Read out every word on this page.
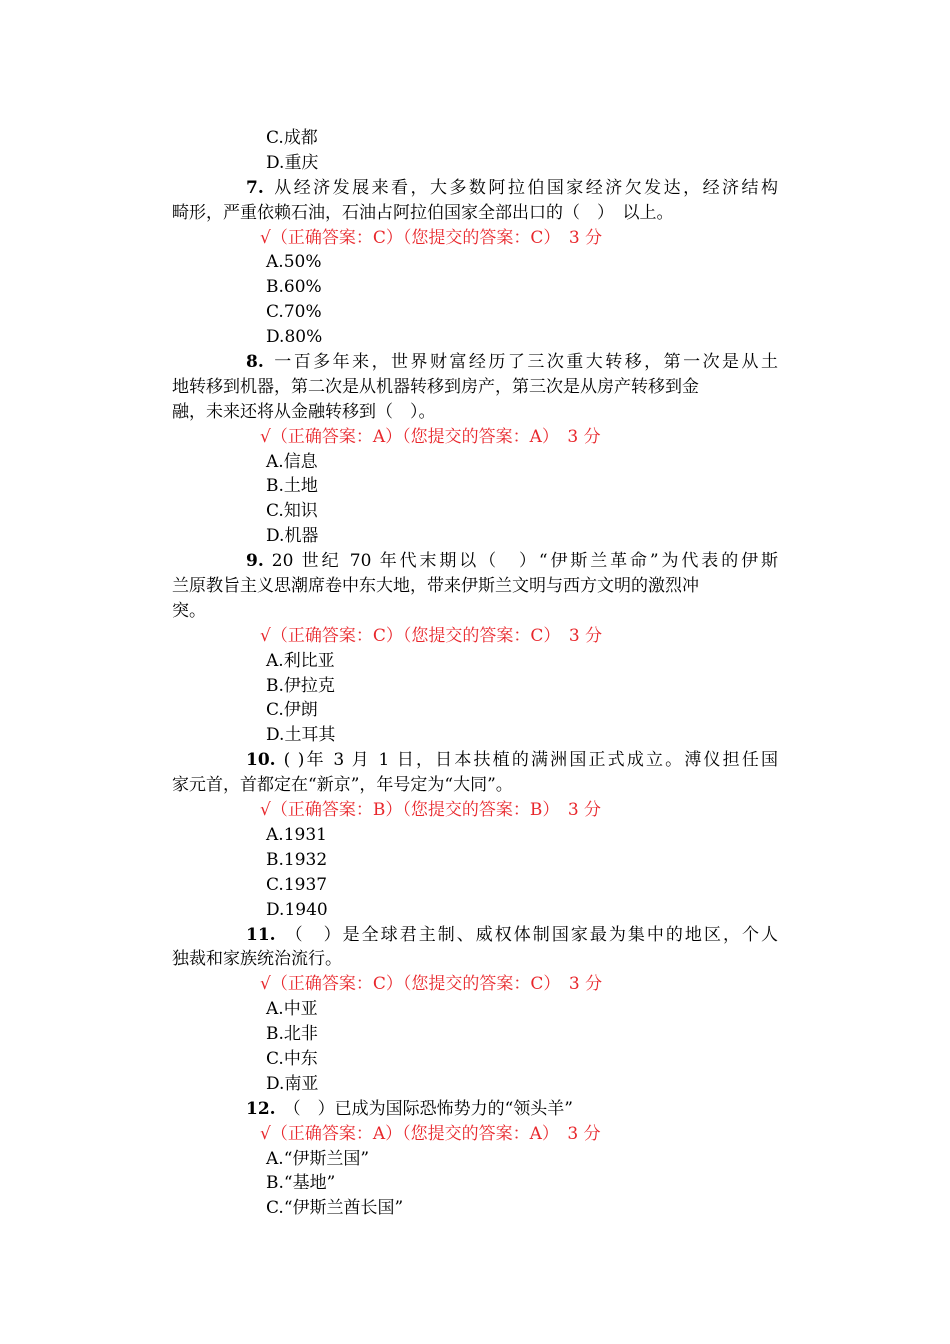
C.成都
D.重庆
7. 从经济发展来看，大多数阿拉伯国家经济欠发达，经济结构
畸形，严重依赖石油，石油占阿拉伯国家全部出口的（　）　以上。
√（正确答案：C）（您提交的答案：C）　3 分
A.50%
B.60%
C.70%
D.80%
8. 一百多年来，世界财富经历了三次重大转移，第一次是从土
地转移到机器，第二次是从机器转移到房产，第三次是从房产转移到金
融，未来还将从金融转移到（　）。
√（正确答案：A）（您提交的答案：A）　3 分
A.信息
B.土地
C.知识
D.机器
9. 20 世纪 70 年代末期以（　）“伊斯兰革命”为代表的伊斯
兰原教旨主义思潮席卷中东大地，带来伊斯兰文明与西方文明的激烈冲
突。
√（正确答案：C）（您提交的答案：C）　3 分
A.利比亚
B.伊拉克
C.伊朗
D.土耳其
10. ( )年 3 月 1 日，日本扶植的满洲国正式成立。溥仪担任国
家元首，首都定在“新京”，年号定为“大同”。
√（正确答案：B）（您提交的答案：B）　3 分
A.1931
B.1932
C.1937
D.1940
11. （　）是全球君主制、威权体制国家最为集中的地区，个人
独裁和家族统治流行。
√（正确答案：C）（您提交的答案：C）　3 分
A.中亚
B.北非
C.中东
D.南亚
12. （　）已成为国际恐怖势力的“领头羊”
√（正确答案：A）（您提交的答案：A）　3 分
A.“伊斯兰国”
B.“基地”
C.“伊斯兰酋长国”
